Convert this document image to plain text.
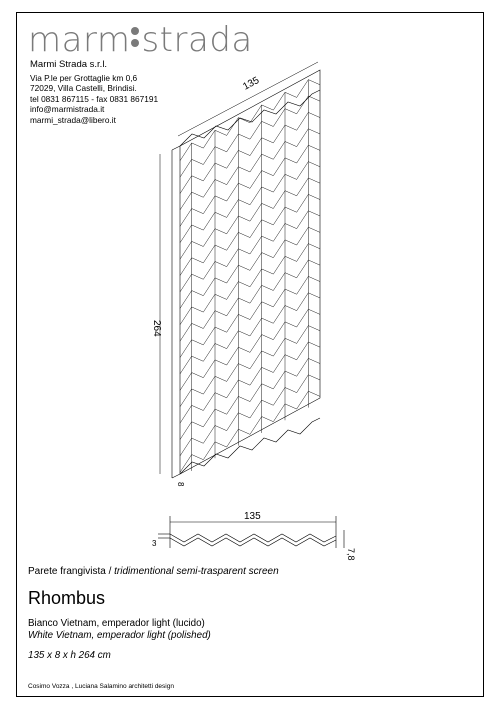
marm strada
Marmi Strada s.r.l.
Via P.le per Grottaglie km 0,6
72029, Villa Castelli, Brindisi.
tel 0831 867115 - fax 0831 867191
info@marmistrada.it
marmi_strada@libero.it
135
264
8
135
3
7,8
Parete frangivista / tridimentional semi-trasparent screen
Rhombus
Bianco Vietnam, emperador light (lucido)
White Vietnam, emperador light (polished)
135 x 8 x h 264 cm
Cosimo Vozza , Luciana Salamino architetti design
